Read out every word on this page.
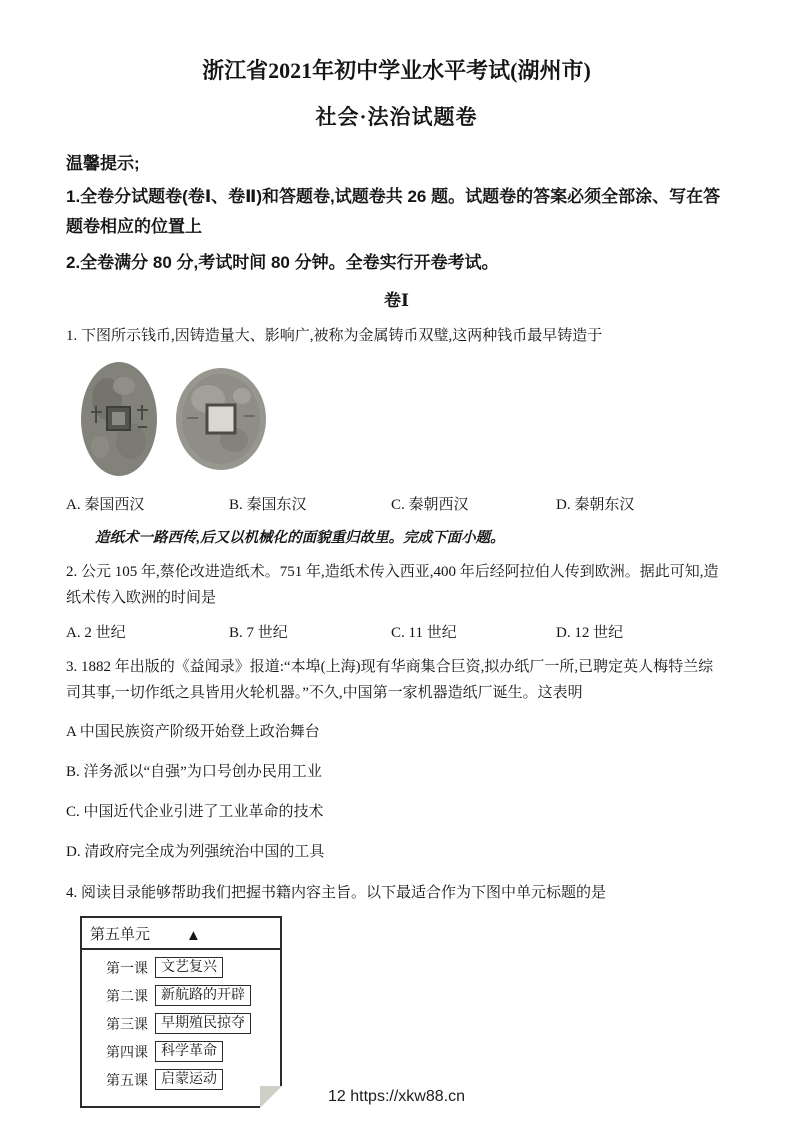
浙江省2021年初中学业水平考试(湖州市)
社会·法治试题卷
温馨提示;

1.全卷分试题卷(卷Ⅰ、卷Ⅱ)和答题卷,试题卷共 26 题。试题卷的答案必须全部涂、写在答题卷相应的位置上

2.全卷满分 80 分,考试时间 80 分钟。全卷实行开卷考试。

卷Ⅰ

1. 下图所示钱币,因铸造量大、影响广,被称为金属铸币双璧,这两种钱币最早铸造于

A. 秦国西汉	B. 秦国东汉	C. 秦朝西汉	D. 秦朝东汉

造纸术一路西传,后又以机械化的面貌重归故里。完成下面小题。

2. 公元 105 年,蔡伦改进造纸术。751 年,造纸术传入西亚,400 年后经阿拉伯人传到欧洲。据此可知,造纸术传入欧洲的时间是

A. 2 世纪	B. 7 世纪	C. 11 世纪	D. 12 世纪

3. 1882 年出版的《益闻录》报道:“本埠(上海)现有华商集合巨资,拟办纸厂一所,已聘定英人梅特兰综司其事,一切作纸之具皆用火轮机器。”不久,中国第一家机器造纸厂诞生。这表明

A 中国民族资产阶级开始登上政治舞台

B. 洋务派以“自强”为口号创办民用工业

C. 中国近代企业引进了工业革命的技术

D. 清政府完全成为列强统治中国的工具

4. 阅读目录能够帮助我们把握书籍内容主旨。以下最适合作为下图中单元标题的是

第五单元 ▲
第一课 文艺复兴
第二课 新航路的开辟
第三课 早期殖民掠夺
第四课 科学革命
第五课 启蒙运动
12 https://xkw88.cn
